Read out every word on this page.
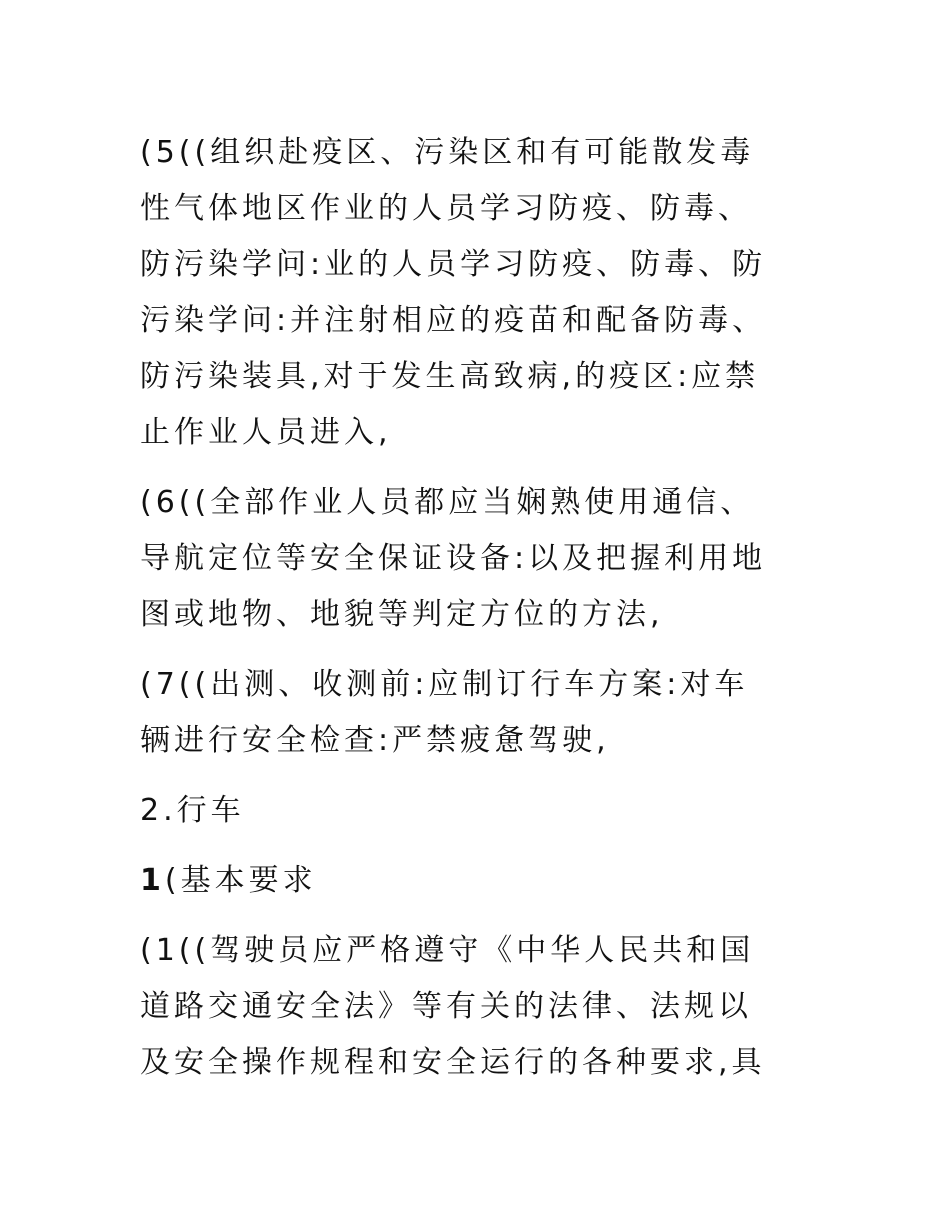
(5((组织赴疫区、污染区和有可能散发毒
性气体地区作业的人员学习防疫、防毒、
防污染学问:业的人员学习防疫、防毒、防
污染学问:并注射相应的疫苗和配备防毒、
防污染装具,对于发生高致病,的疫区:应禁
止作业人员进入,
(6((全部作业人员都应当娴熟使用通信、
导航定位等安全保证设备:以及把握利用地
图或地物、地貌等判定方位的方法,
(7((出测、收测前:应制订行车方案:对车
辆进行安全检查:严禁疲惫驾驶,
2.行车
1(基本要求
(1((驾驶员应严格遵守《中华人民共和国
道路交通安全法》等有关的法律、法规以
及安全操作规程和安全运行的各种要求,具
